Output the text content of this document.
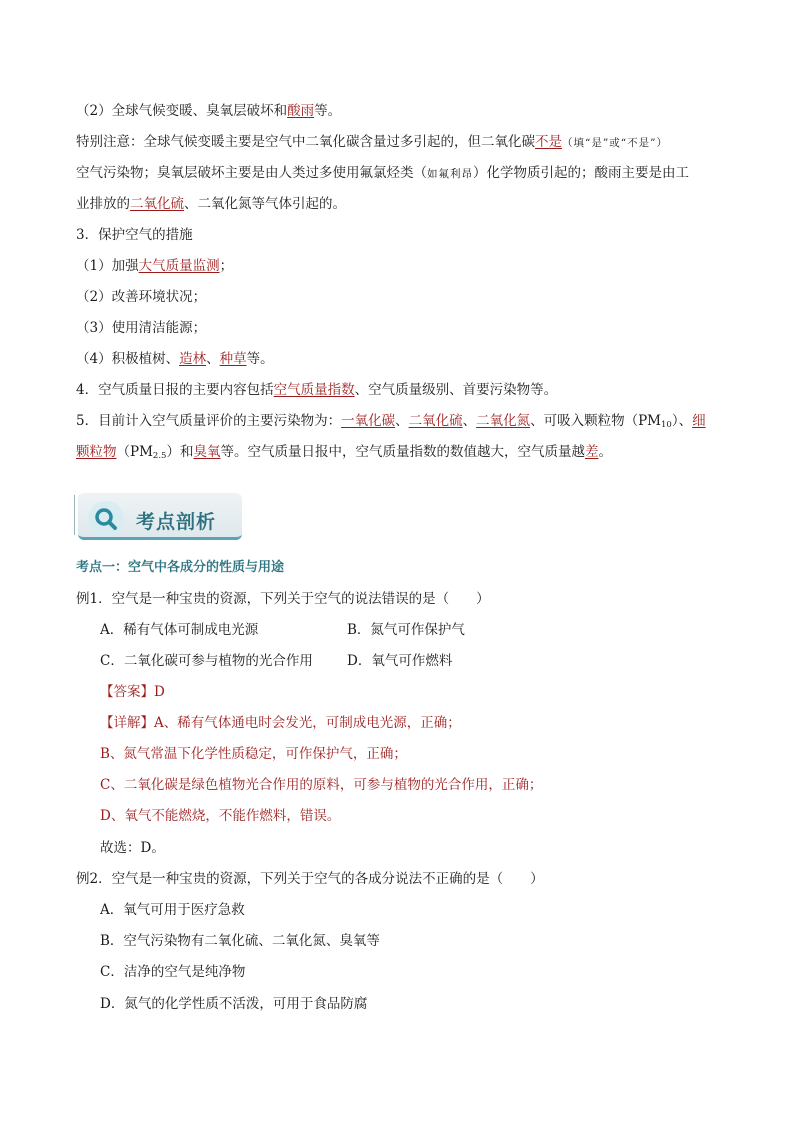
（2）全球气候变暖、臭氧层破坏和酸雨等。
特别注意：全球气候变暖主要是空气中二氧化碳含量过多引起的，但二氧化碳不是（填“是”或“不是”）
空气污染物；臭氧层破坏主要是由人类过多使用氟氯烃类（如氟利昂）化学物质引起的；酸雨主要是由工
业排放的二氧化硫、二氧化氮等气体引起的。
3．保护空气的措施
（1）加强大气质量监测；
（2）改善环境状况；
（3）使用清洁能源；
（4）积极植树、造林、种草等。
4．空气质量日报的主要内容包括空气质量指数、空气质量级别、首要污染物等。
5．目前计入空气质量评价的主要污染物为：一氧化碳、二氧化硫、二氧化氮、可吸入颗粒物$(PM_{10})$、细
颗粒物$(PM_{2.5})$和臭氧等。空气质量日报中，空气质量指数的数值越大，空气质量越差。
考点剖析
考点一：空气中各成分的性质与用途
例1．空气是一种宝贵的资源，下列关于空气的说法错误的是（　　）
A．稀有气体可制成电光源	B．氮气可作保护气
C．二氧化碳可参与植物的光合作用	D．氧气可作燃料
【答案】D
【详解】A、稀有气体通电时会发光，可制成电光源，正确；
B、氮气常温下化学性质稳定，可作保护气，正确；
C、二氧化碳是绿色植物光合作用的原料，可参与植物的光合作用，正确；
D、氧气不能燃烧，不能作燃料，错误。
故选：D。
例2．空气是一种宝贵的资源，下列关于空气的各成分说法不正确的是（　　）
A．氧气可用于医疗急救
B．空气污染物有二氧化硫、二氧化氮、臭氧等
C．洁净的空气是纯净物
D．氮气的化学性质不活泼，可用于食品防腐
